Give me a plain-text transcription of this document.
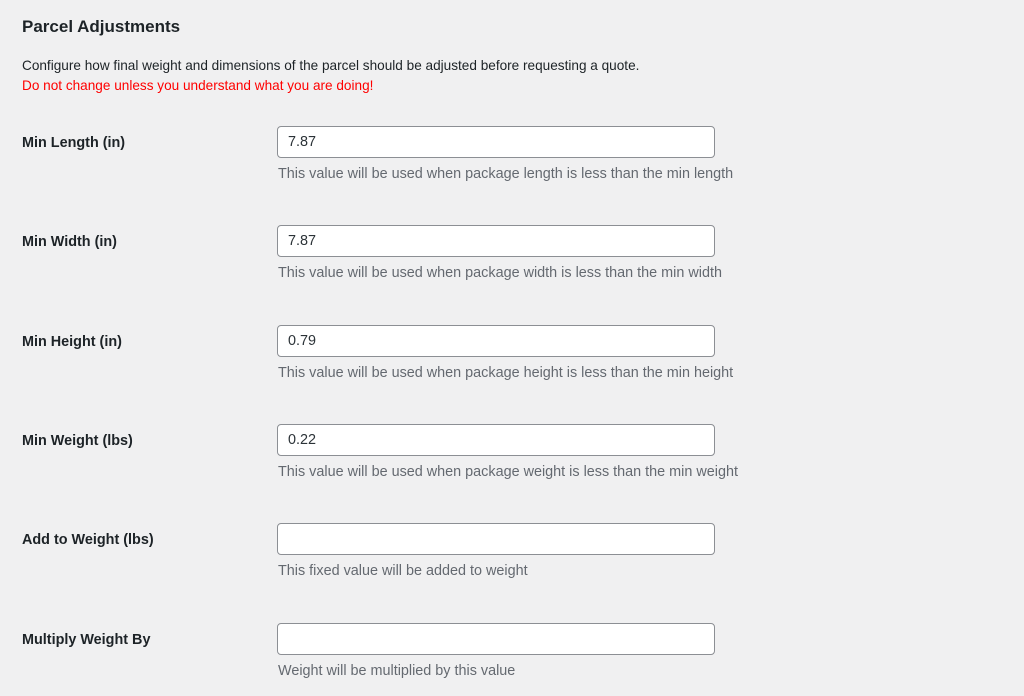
Parcel Adjustments

Configure how final weight and dimensions of the parcel should be adjusted before requesting a quote.

Do not change unless you understand what you are doing!

Min Length (in)
7.87
This value will be used when package length is less than the min length
Min Width (in)
7.87
This value will be used when package width is less than the min width
Min Height (in)
0.79
This value will be used when package height is less than the min height
Min Weight (lbs)
0.22
This value will be used when package weight is less than the min weight
Add to Weight (lbs)
This fixed value will be added to weight
Multiply Weight By
Weight will be multiplied by this value
